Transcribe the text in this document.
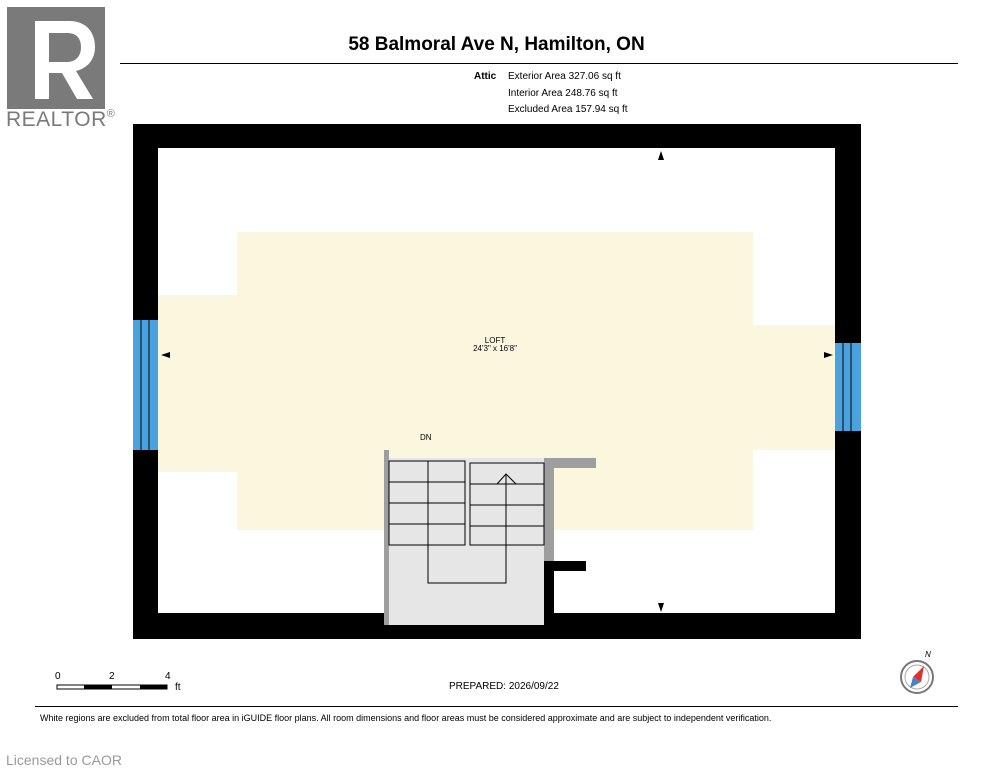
REALTOR®
58 Balmoral Ave N, Hamilton, ON
Attic Exterior Area 327.06 sq ft
Interior Area 248.76 sq ft
Excluded Area 157.94 sq ft
LOFT
24'3" x 16'8"
DN
0	2	4
ft	PREPARED: 2026/09/22
N
White regions are excluded from total floor area in iGUIDE floor plans. All room dimensions and floor areas must be considered approximate and are subject to independent verification.
Licensed to CAOR
